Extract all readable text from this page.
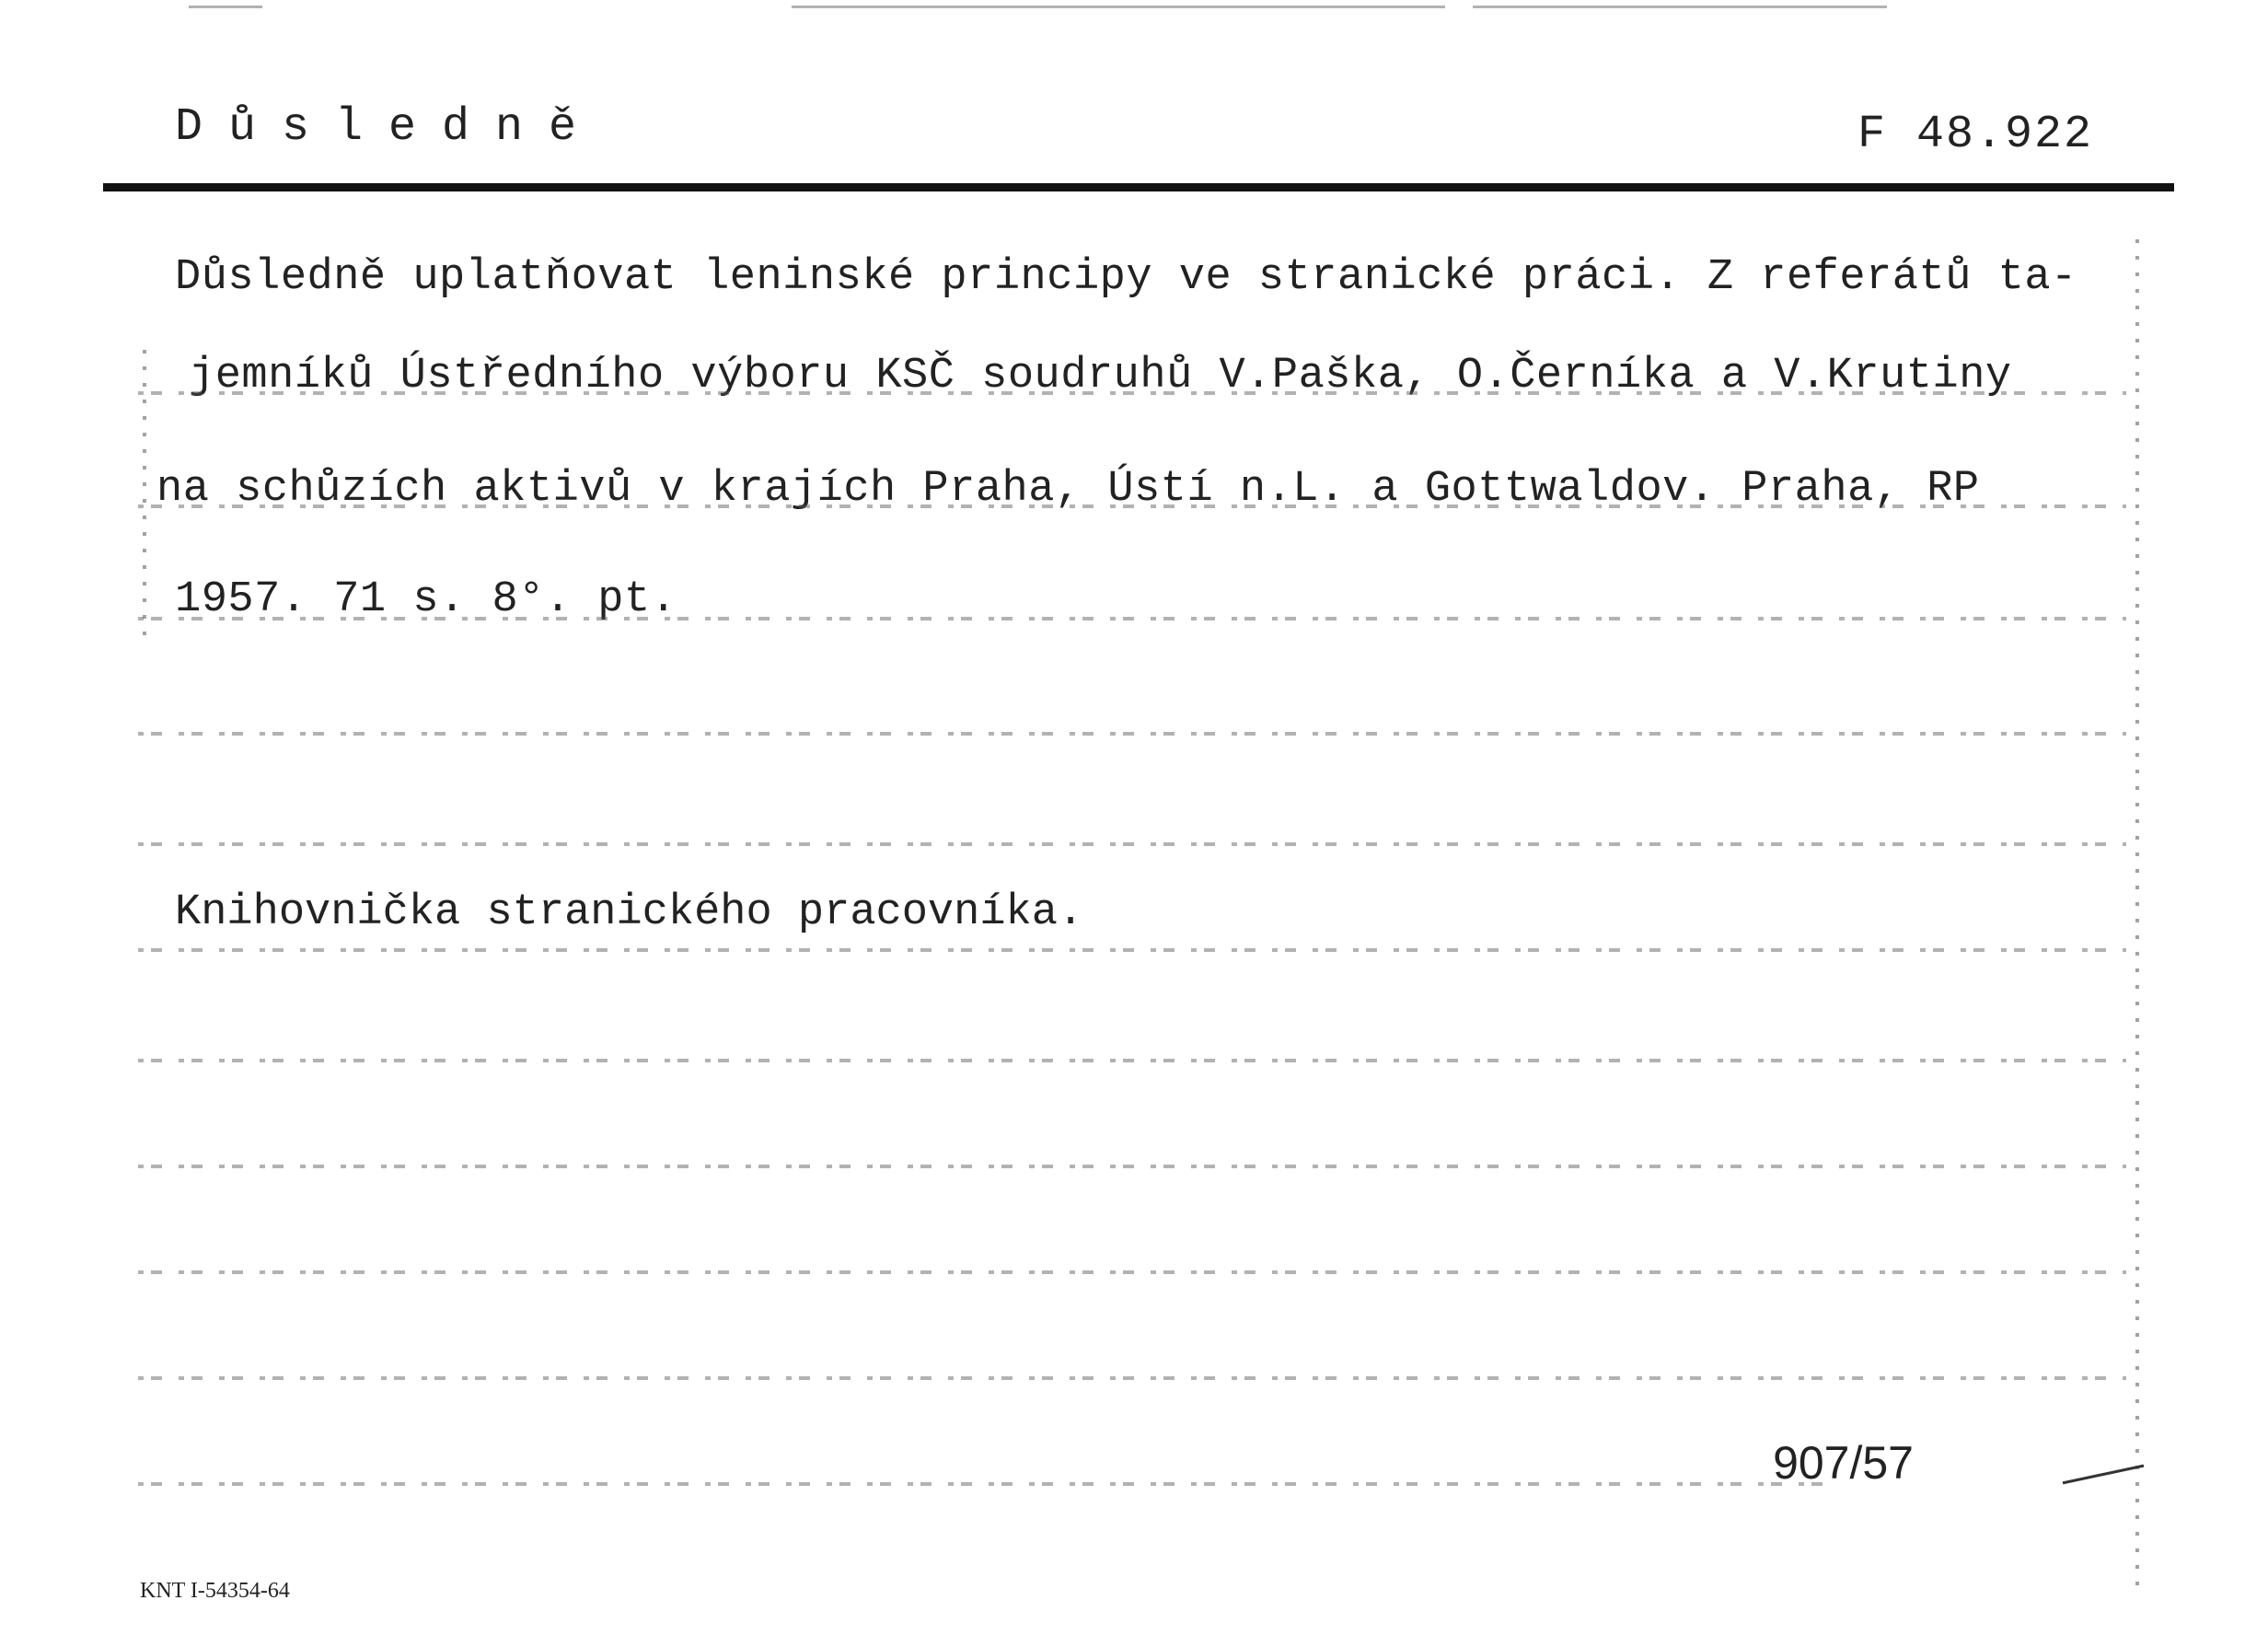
Důsledně	F 48.922
Důsledně uplatňovat leninské principy ve stranické práci. Z referátů ta-
jemníků Ústředního výboru KSČ soudruhů V.Paška, O.Černíka a V.Krutiny
na schůzích aktivů v krajích Praha, Ústí n.L. a Gottwaldov. Praha, RP
1957. 71 s. 8°. pt.
Knihovnička stranického pracovníka.
907/57
KNT I-54354-64
